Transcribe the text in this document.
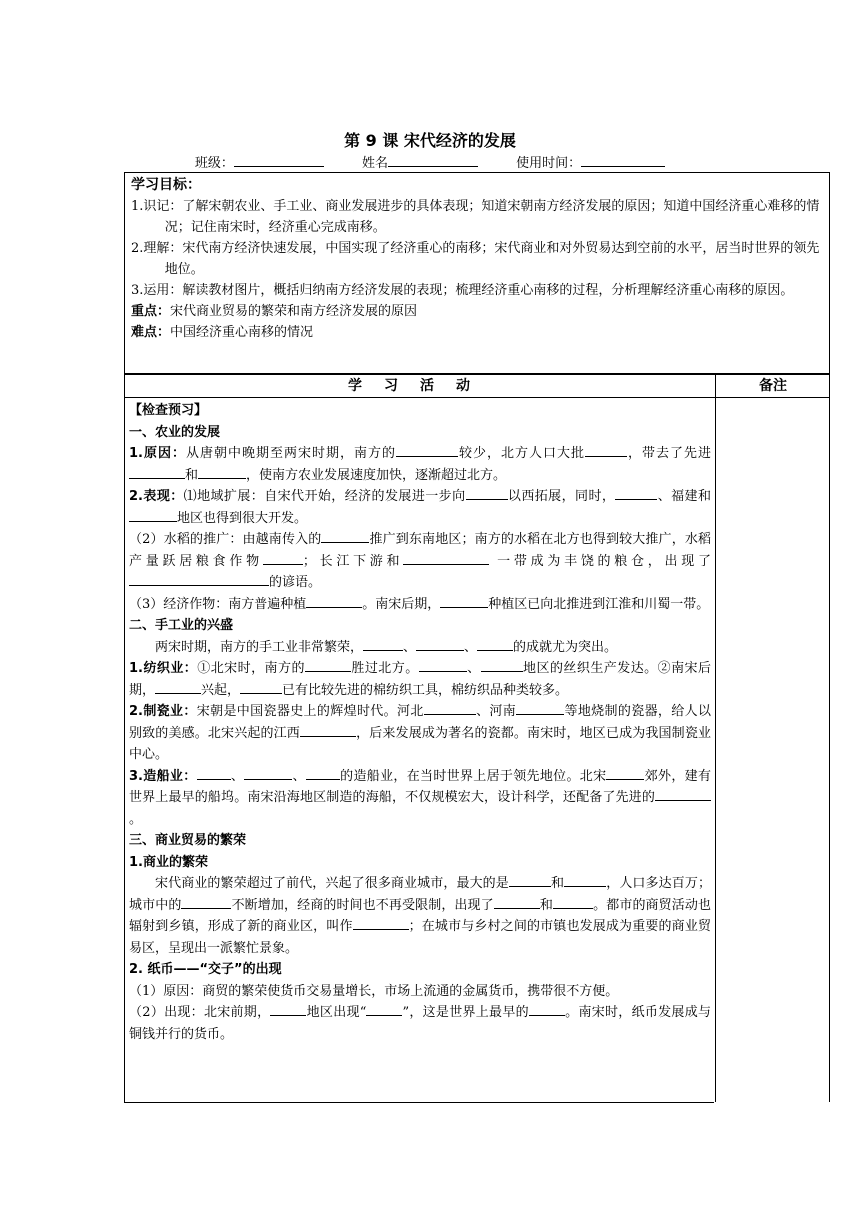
第 9 课 宋代经济的发展
班级：	姓名	使用时间：

学习目标：

1.识记：了解宋朝农业、手工业、商业发展进步的具体表现；知道宋朝南方经济发展的原因；知道中国经济重心难移的情况；记住南宋时，经济重心完成南移。

2.理解：宋代南方经济快速发展，中国实现了经济重心的南移；宋代商业和对外贸易达到空前的水平，居当时世界的领先地位。

3.运用：解读教材图片，概括归纳南方经济发展的表现；梳理经济重心南移的过程，分析理解经济重心南移的原因。

重点：宋代商业贸易的繁荣和南方经济发展的原因

难点：中国经济重心南移的情况

学习活动	备注

【检查预习】

一、农业的发展

1.原因：从唐朝中晚期至两宋时期，南方的	较少，北方人口大批	，带去了先进和	，使南方农业发展速度加快，逐渐超过北方。

2.表现：⑴地域扩展：自宋代开始，经济的发展进一步向	以西拓展，同时，	、福建和地区也得到很大开发。

（2）水稻的推广：由越南传入的	推广到东南地区；南方的水稻在北方也得到较大推广，水稻产量跃居粮食作物	；长江下游和	一带成为丰饶的粮仓，出现了的谚语。

（3）经济作物：南方普遍种植	。南宋后期，	种植区已向北推进到江淮和川蜀一带。

二、手工业的兴盛

两宋时期，南方的手工业非常繁荣，	、	、	的成就尤为突出。

1.纺织业：①北宋时，南方的	胜过北方。	、	地区的丝织生产发达。②南宋后期，	兴起，	已有比较先进的棉纺织工具，棉纺织品种类较多。

2.制瓷业：宋朝是中国瓷器史上的辉煌时代。河北	、河南	等地烧制的瓷器，给人以别致的美感。北宋兴起的江西	，后来发展成为著名的瓷都。南宋时，地区已成为我国制瓷业中心。

3.造船业：	、	、	的造船业，在当时世界上居于领先地位。北宋	郊外，建有世界上最早的船坞。南宋沿海地区制造的海船，不仅规模宏大，设计科学，还配备了先进的。

三、商业贸易的繁荣

1.商业的繁荣

宋代商业的繁荣超过了前代，兴起了很多商业城市，最大的是	和	，人口多达百万；城市中的	不断增加，经商的时间也不再受限制，出现了	和	。都市的商贸活动也辐射到乡镇，形成了新的商业区，叫作	；在城市与乡村之间的市镇也发展成为重要的商业贸易区，呈现出一派繁忙景象。

2. 纸币——“交子”的出现

（1）原因：商贸的繁荣使货币交易量增长，市场上流通的金属货币，携带很不方便。

（2）出现：北宋前期，	地区出现“	”，这是世界上最早的	。南宋时，纸币发展成与铜钱并行的货币。
